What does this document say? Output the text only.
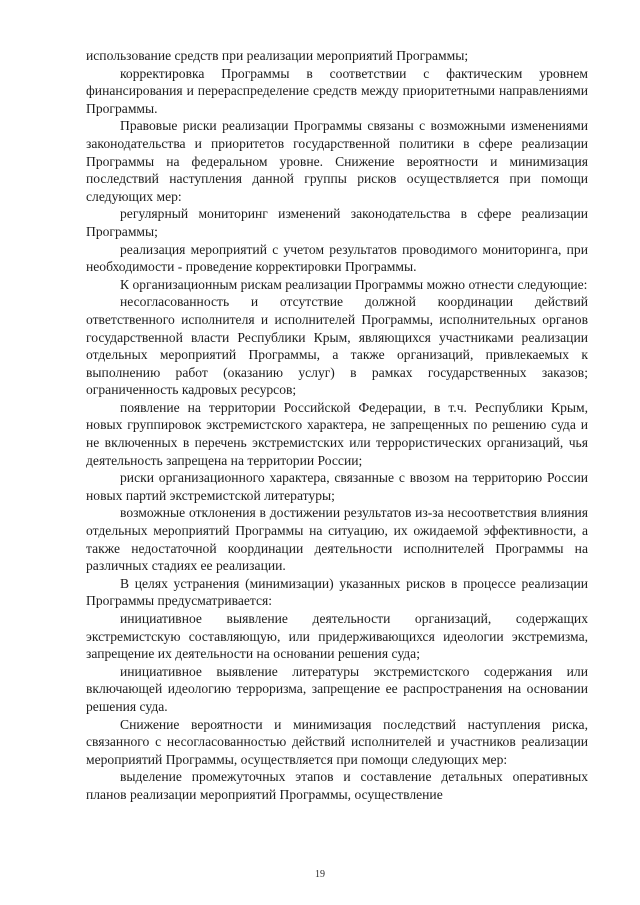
использование средств при реализации мероприятий Программы;

корректировка Программы в соответствии с фактическим уровнем финансирования и перераспределение средств между приоритетными направлениями Программы.

Правовые риски реализации Программы связаны с возможными изменениями законодательства и приоритетов государственной политики в сфере реализации Программы на федеральном уровне. Снижение вероятности и минимизация последствий наступления данной группы рисков осуществляется при помощи следующих мер:

регулярный мониторинг изменений законодательства в сфере реализации Программы;

реализация мероприятий с учетом результатов проводимого мониторинга, при необходимости - проведение корректировки Программы.

К организационным рискам реализации Программы можно отнести следующие:

несогласованность и отсутствие должной координации действий ответственного исполнителя и исполнителей Программы, исполнительных органов государственной власти Республики Крым, являющихся участниками реализации отдельных мероприятий Программы, а также организаций, привлекаемых к выполнению работ (оказанию услуг) в рамках государственных заказов; ограниченность кадровых ресурсов;

появление на территории Российской Федерации, в т.ч. Республики Крым, новых группировок экстремистского характера, не запрещенных по решению суда и не включенных в перечень экстремистских или террористических организаций, чья деятельность запрещена на территории России;

риски организационного характера, связанные с ввозом на территорию России новых партий экстремистской литературы;

возможные отклонения в достижении результатов из-за несоответствия влияния отдельных мероприятий Программы на ситуацию, их ожидаемой эффективности, а также недостаточной координации деятельности исполнителей Программы на различных стадиях ее реализации.

В целях устранения (минимизации) указанных рисков в процессе реализации Программы предусматривается:

инициативное выявление деятельности организаций, содержащих экстремистскую составляющую, или придерживающихся идеологии экстремизма, запрещение их деятельности на основании решения суда;

инициативное выявление литературы экстремистского содержания или включающей идеологию терроризма, запрещение ее распространения на основании решения суда.

Снижение вероятности и минимизация последствий наступления риска, связанного с несогласованностью действий исполнителей и участников реализации мероприятий Программы, осуществляется при помощи следующих мер:

выделение промежуточных этапов и составление детальных оперативных планов реализации мероприятий Программы, осуществление

19
